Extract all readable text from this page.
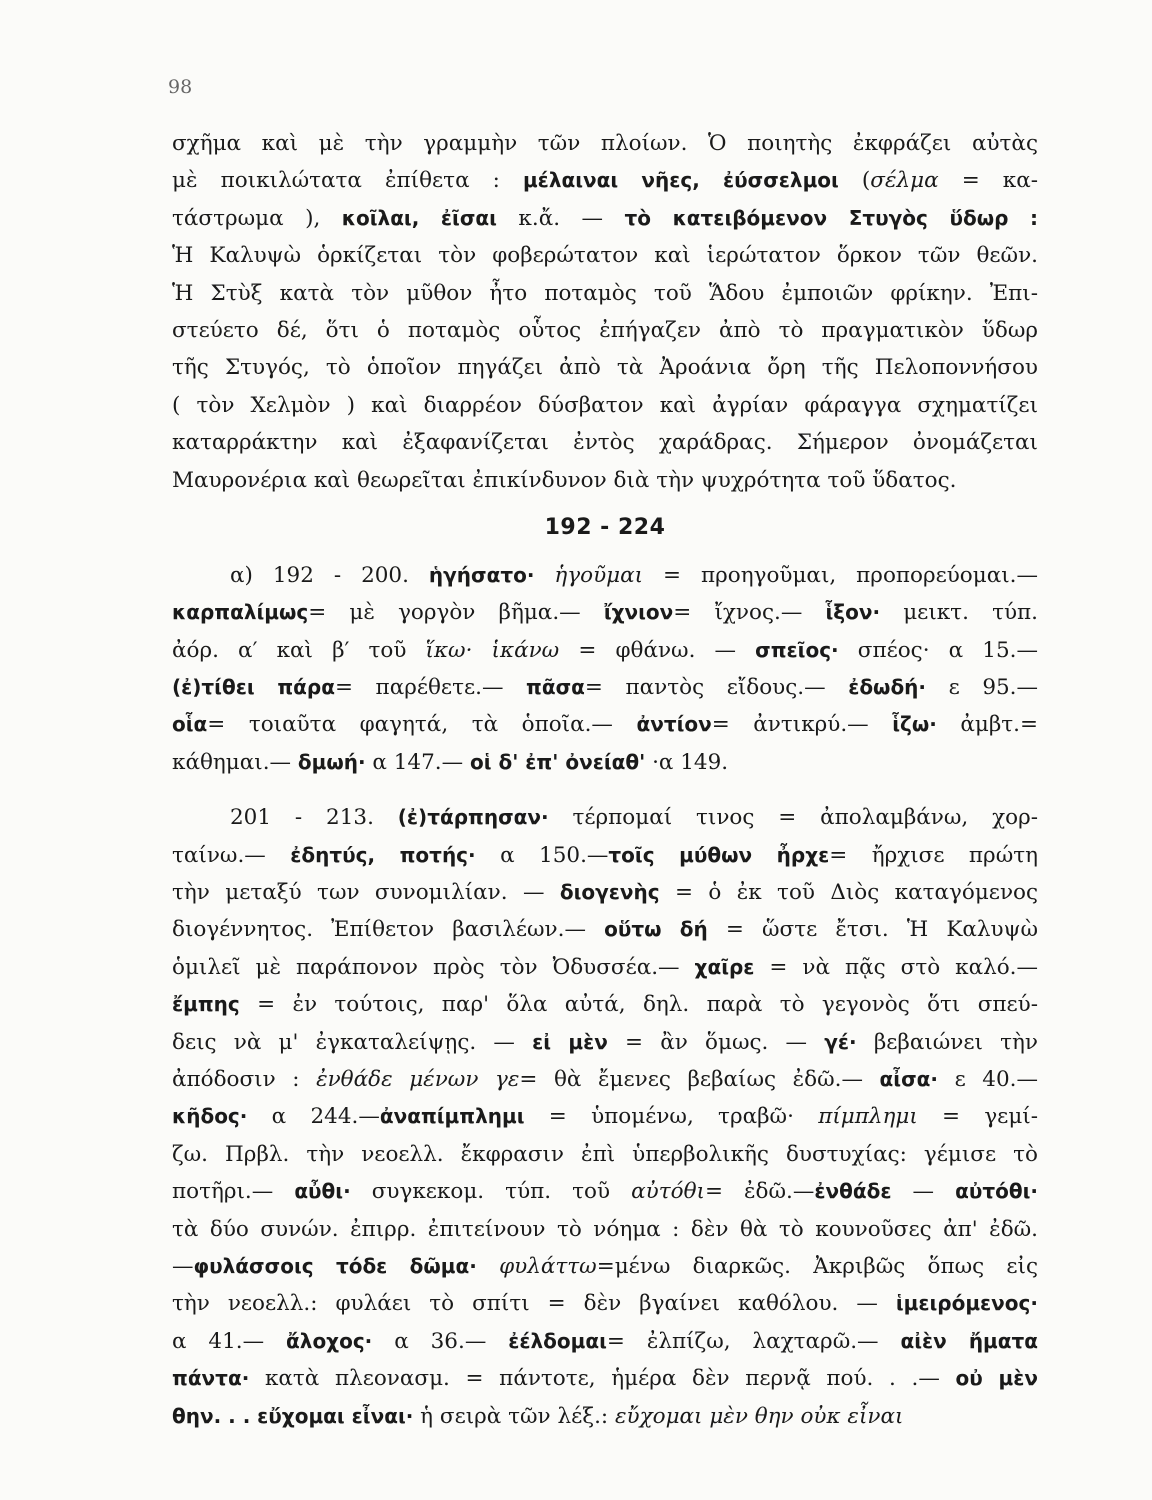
98
σχῆμα καὶ μὲ τὴν γραμμὴν τῶν πλοίων. Ὁ ποιητὴς ἐκφράζει αὐτὰς
μὲ ποικιλώτατα ἐπίθετα : μέλαιναι νῆες, ἐύσσελμοι (σέλμα = κα-
τάστρωμα ), κοῖλαι, ἐῖσαι κ.ἄ. — τὸ κατειβόμενον Στυγὸς ὕδωρ :
Ἡ Καλυψὼ ὁρκίζεται τὸν φοβερώτατον καὶ ἱερώτατον ὅρκον τῶν θεῶν.
Ἡ Στὺξ κατὰ τὸν μῦθον ἦτο ποταμὸς τοῦ Ἅδου ἐμποιῶν φρίκην. Ἐπι-
στεύετο δέ, ὅτι ὁ ποταμὸς οὗτος ἐπήγαζεν ἀπὸ τὸ πραγματικὸν ὕδωρ
τῆς Στυγός, τὸ ὁποῖον πηγάζει ἀπὸ τὰ Ἀροάνια ὄρη τῆς Πελοποννήσου
( τὸν Χελμὸν ) καὶ διαρρέον δύσβατον καὶ ἀγρίαν φάραγγα σχηματίζει
καταρράκτην καὶ ἐξαφανίζεται ἐντὸς χαράδρας. Σήμερον ὀνομάζεται
Μαυρονέρια καὶ θεωρεῖται ἐπικίνδυνον διὰ τὴν ψυχρότητα τοῦ ὕδατος.
192 - 224
α) 192 - 200. ἡγήσατο· ἡγοῦμαι = προηγοῦμαι, προπορεύομαι.—
καρπαλίμως= μὲ γοργὸν βῆμα.— ἴχνιον= ἴχνος.— ἷξον· μεικτ. τύπ.
ἀόρ. α′ καὶ β′ τοῦ ἵκω· ἱκάνω = φθάνω. — σπεῖος· σπέος· α 15.—
(ἐ)τίθει πάρα= παρέθετε.— πᾶσα= παντὸς εἴδους.— ἐδωδή· ε 95.—
οἷα= τοιαῦτα φαγητά, τὰ ὁποῖα.— ἀντίον= ἀντικρύ.— ἷζω· ἀμβτ.=
κάθημαι.— δμωή· α 147.— οἱ δ' ἐπ' ὀνείαθ' ·α 149.
201 - 213. (ἐ)τάρπησαν· τέρπομαί τινος = ἀπολαμβάνω, χορ-
ταίνω.— ἐδητύς, ποτής· α 150.—τοῖς μύθων ἦρχε= ἤρχισε πρώτη
τὴν μεταξύ των συνομιλίαν. — διογενὴς = ὁ ἐκ τοῦ Διὸς καταγόμενος
διογέννητος. Ἐπίθετον βασιλέων.— οὕτω δή = ὥστε ἔτσι. Ἡ Καλυψὼ
ὁμιλεῖ μὲ παράπονον πρὸς τὸν Ὀδυσσέα.— χαῖρε = νὰ πᾷς στὸ καλό.—
ἔμπης = ἐν τούτοις, παρ' ὅλα αὐτά, δηλ. παρὰ τὸ γεγονὸς ὅτι σπεύ-
δεις νὰ μ' ἐγκαταλείψῃς. — εἰ μὲν = ἂν ὅμως. — γέ· βεβαιώνει τὴν
ἀπόδοσιν : ἐνθάδε μένων γε= θὰ ἔμενες βεβαίως ἐδῶ.— αἶσα· ε 40.—
κῆδος· α 244.—ἀναπίμπλημι = ὑπομένω, τραβῶ· πίμπλημι = γεμί-
ζω. Πρβλ. τὴν νεοελλ. ἔκφρασιν ἐπὶ ὑπερβολικῆς δυστυχίας: γέμισε τὸ
ποτῆρι.— αὖθι· συγκεκομ. τύπ. τοῦ αὐτόθι= ἐδῶ.—ἐνθάδε — αὐτόθι·
τὰ δύο συνών. ἐπιρρ. ἐπιτείνουν τὸ νόημα : δὲν θὰ τὸ κουνοῦσες ἀπ' ἐδῶ.
—φυλάσσοις τόδε δῶμα· φυλάττω=μένω διαρκῶς. Ἀκριβῶς ὅπως εἰς
τὴν νεοελλ.: φυλάει τὸ σπίτι = δὲν βγαίνει καθόλου. — ἱμειρόμενος·
α 41.— ἄλοχος· α 36.— ἐέλδομαι= ἐλπίζω, λαχταρῶ.— αἰὲν ἤματα
πάντα· κατὰ πλεονασμ. = πάντοτε, ἡμέρα δὲν περνᾷ πού. . .— οὐ μὲν
θην. . . εὔχομαι εἶναι· ἡ σειρὰ τῶν λέξ.: εὔχομαι μὲν θην οὐκ εἶναι
